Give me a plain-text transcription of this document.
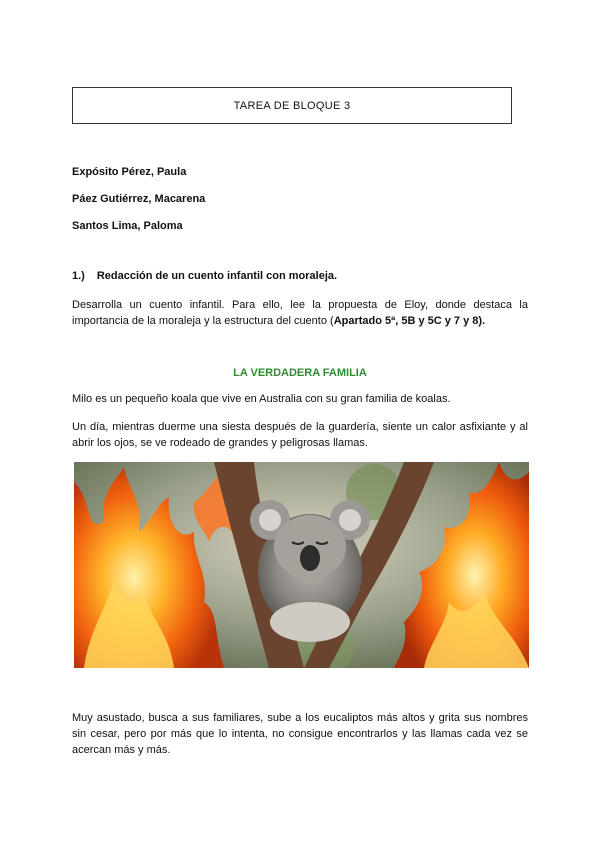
TAREA DE BLOQUE 3
Expósito Pérez, Paula
Páez Gutiérrez, Macarena
Santos Lima, Paloma
1.) Redacción de un cuento infantil con moraleja.
Desarrolla un cuento infantil. Para ello, lee la propuesta de Eloy, donde destaca la importancia de la moraleja y la estructura del cuento (Apartado 5ª, 5B y 5C y 7 y 8).
LA VERDADERA FAMILIA
Milo es un pequeño koala que vive en Australia con su gran familia de koalas.
Un día, mientras duerme una siesta después de la guardería, siente un calor asfixiante y al abrir los ojos, se ve rodeado de grandes y peligrosas llamas.
Muy asustado, busca a sus familiares, sube a los eucaliptos más altos y grita sus nombres sin cesar, pero por más que lo intenta, no consigue encontrarlos y las llamas cada vez se acercan más y más.
